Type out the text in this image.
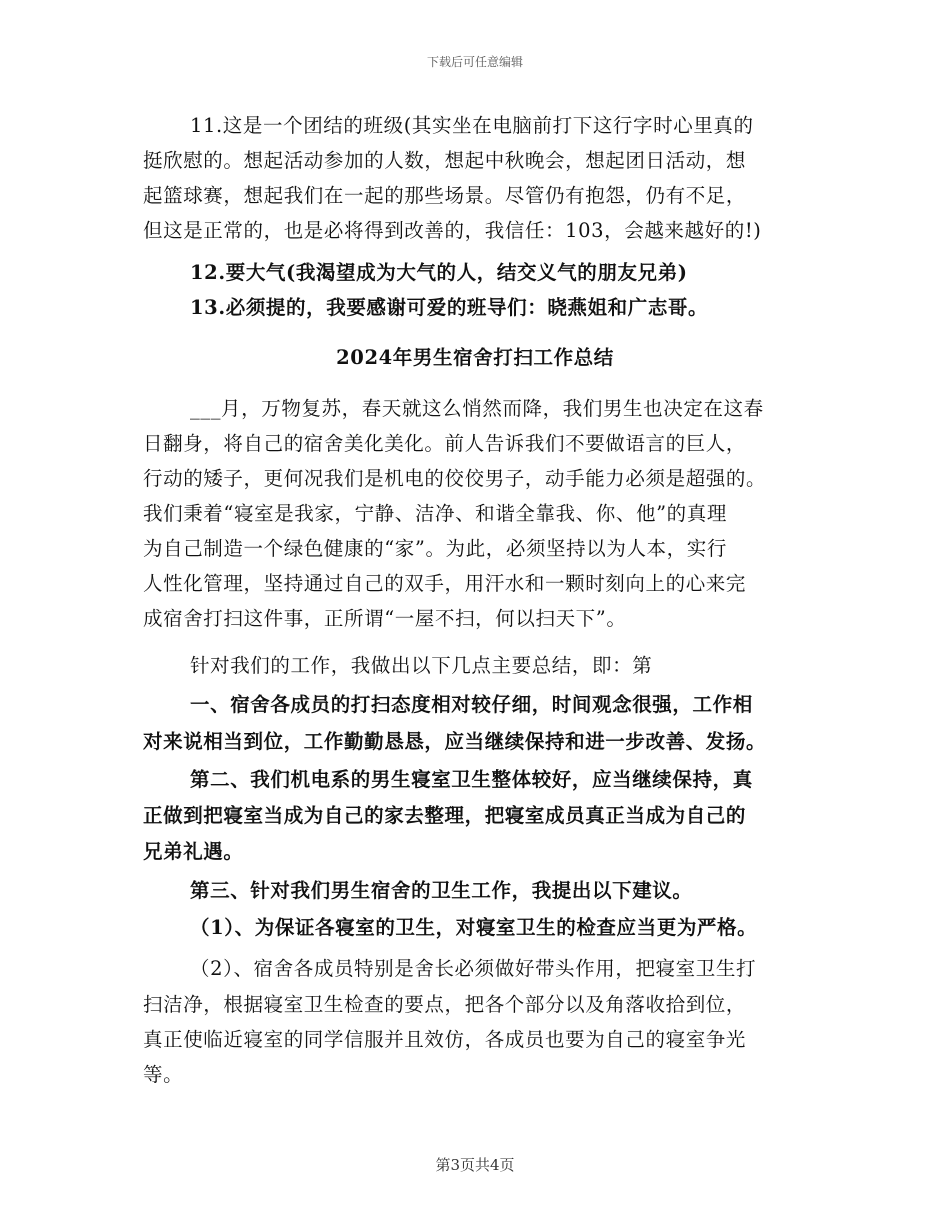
下载后可任意编辑
11.这是一个团结的班级(其实坐在电脑前打下这行字时心里真的
挺欣慰的。想起活动参加的人数，想起中秋晚会，想起团日活动，想
起篮球赛，想起我们在一起的那些场景。尽管仍有抱怨，仍有不足，
但这是正常的，也是必将得到改善的，我信任：103，会越来越好的!)
12.要大气(我渴望成为大气的人，结交义气的朋友兄弟)
13.必须提的，我要感谢可爱的班导们：晓燕姐和广志哥。
2024年男生宿舍打扫工作总结
___月，万物复苏，春天就这么悄然而降，我们男生也决定在这春
日翻身，将自己的宿舍美化美化。前人告诉我们不要做语言的巨人，
行动的矮子，更何况我们是机电的佼佼男子，动手能力必须是超强的。
我们秉着“寝室是我家，宁静、洁净、和谐全靠我、你、他”的真理
为自己制造一个绿色健康的“家”。为此，必须坚持以为人本，实行
人性化管理，坚持通过自己的双手，用汗水和一颗时刻向上的心来完
成宿舍打扫这件事，正所谓“一屋不扫，何以扫天下”。
针对我们的工作，我做出以下几点主要总结，即：第
一、宿舍各成员的打扫态度相对较仔细，时间观念很强，工作相
对来说相当到位，工作勤勤恳恳，应当继续保持和进一步改善、发扬。
第二、我们机电系的男生寝室卫生整体较好，应当继续保持，真
正做到把寝室当成为自己的家去整理，把寝室成员真正当成为自己的
兄弟礼遇。
第三、针对我们男生宿舍的卫生工作，我提出以下建议。
（1）、为保证各寝室的卫生，对寝室卫生的检查应当更为严格。
（2）、宿舍各成员特别是舍长必须做好带头作用，把寝室卫生打
扫洁净，根据寝室卫生检查的要点，把各个部分以及角落收拾到位，
真正使临近寝室的同学信服并且效仿，各成员也要为自己的寝室争光
等。
第3页共4页
